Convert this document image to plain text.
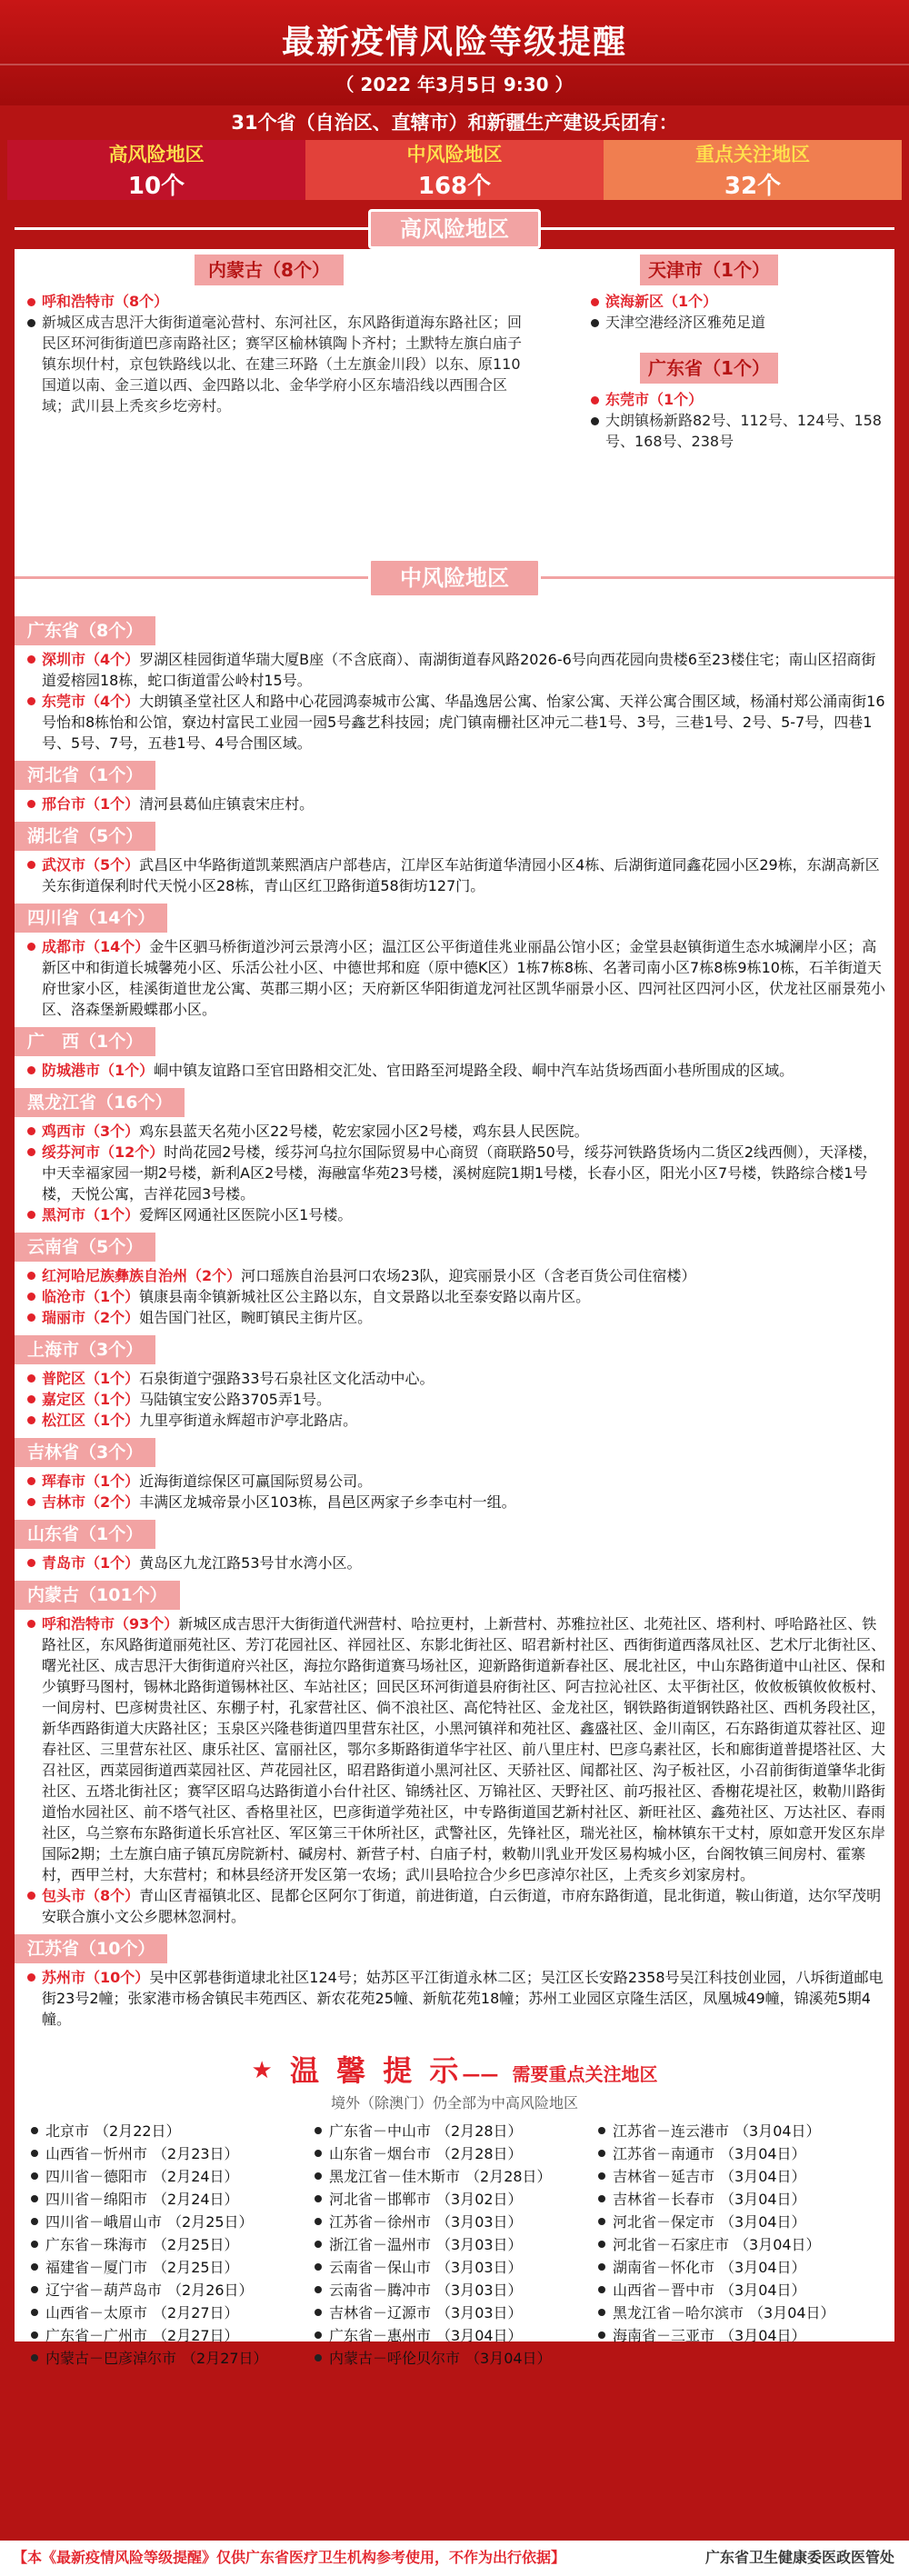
最新疫情风险等级提醒
（ 2022 年3月5日 9:30 ）
31个省（自治区、直辖市）和新疆生产建设兵团有：
高风险地区
10个
中风险地区
168个
重点关注地区
32个
高风险地区
内蒙古（8个）
呼和浩特市（8个）
新城区成吉思汗大街街道毫沁营村、东河社区，东风路街道海东路社区；回民区环河街街道巴彦南路社区；赛罕区榆林镇陶卜齐村；土默特左旗白庙子镇东坝什村，京包铁路线以北、在建三环路（土左旗金川段）以东、原110国道以南、金三道以西、金四路以北、金华学府小区东墙沿线以西围合区域；武川县上秃亥乡圪旁村。
天津市（1个）
滨海新区（1个）
天津空港经济区雅苑足道
广东省（1个）
东莞市（1个）
大朗镇杨新路82号、112号、124号、158号、168号、238号
中风险地区
广东省（8个）
深圳市（4个）罗湖区桂园街道华瑞大厦B座（不含底商）、南湖街道春风路2026-6号向西花园向贵楼6至23楼住宅；南山区招商街道爱榕园18栋，蛇口街道雷公岭村15号。
东莞市（4个）大朗镇圣堂社区人和路中心花园鸿泰城市公寓、华晶逸居公寓、怡家公寓、天祥公寓合围区域，杨涌村郑公涌南街16号怡和8栋怡和公馆，寮边村富民工业园一园5号鑫艺科技园；虎门镇南栅社区冲元二巷1号、3号，三巷1号、2号、5-7号，四巷1号、5号、7号，五巷1号、4号合围区域。
河北省（1个）
邢台市（1个）清河县葛仙庄镇袁宋庄村。
湖北省（5个）
武汉市（5个）武昌区中华路街道凯莱熙酒店户部巷店，江岸区车站街道华清园小区4栋、后湖街道同鑫花园小区29栋，东湖高新区关东街道保利时代天悦小区28栋，青山区红卫路街道58街坊127门。
四川省（14个）
成都市（14个）金牛区驷马桥街道沙河云景湾小区；温江区公平街道佳兆业丽晶公馆小区；金堂县赵镇街道生态水城澜岸小区；高新区中和街道长城馨苑小区、乐活公社小区、中德世邦和庭（原中德K区）1栋7栋8栋、名著司南小区7栋8栋9栋10栋，石羊街道天府世家小区，桂溪街道世龙公寓、英郡三期小区；天府新区华阳街道龙河社区凯华丽景小区、四河社区四河小区，伏龙社区丽景苑小区、洛森堡新殿蝶郡小区。
广　西（1个）
防城港市（1个）峒中镇友谊路口至官田路相交汇处、官田路至河堤路全段、峒中汽车站货场西面小巷所围成的区域。
黑龙江省（16个）
鸡西市（3个）鸡东县蓝天名苑小区22号楼，乾宏家园小区2号楼，鸡东县人民医院。
绥芬河市（12个）时尚花园2号楼，绥芬河乌拉尔国际贸易中心商贸（商联路50号，绥芬河铁路货场内二货区2线西侧），天泽楼，中天幸福家园一期2号楼，新利A区2号楼，海融富华苑23号楼，溪树庭院1期1号楼，长春小区，阳光小区7号楼，铁路综合楼1号楼，天悦公寓，吉祥花园3号楼。
黑河市（1个）爱辉区网通社区医院小区1号楼。
云南省（5个）
红河哈尼族彝族自治州（2个）河口瑶族自治县河口农场23队，迎宾丽景小区（含老百货公司住宿楼）
临沧市（1个）镇康县南伞镇新城社区公主路以东，自文景路以北至泰安路以南片区。
瑞丽市（2个）姐告国门社区，畹町镇民主街片区。
上海市（3个）
普陀区（1个）石泉街道宁强路33号石泉社区文化活动中心。
嘉定区（1个）马陆镇宝安公路3705弄1号。
松江区（1个）九里亭街道永辉超市沪亭北路店。
吉林省（3个）
珲春市（1个）近海街道综保区可赢国际贸易公司。
吉林市（2个）丰满区龙城帝景小区103栋，昌邑区两家子乡李屯村一组。
山东省（1个）
青岛市（1个）黄岛区九龙江路53号甘水湾小区。
内蒙古（101个）
呼和浩特市（93个）新城区成吉思汗大街街道代洲营村、哈拉更村，上新营村、苏雅拉社区、北苑社区、塔利村、呼哈路社区、铁路社区，东风路街道丽苑社区、芳汀花园社区、祥园社区、东影北街社区、昭君新村社区、西街街道西落凤社区、艺术厅北街社区、曙光社区、成吉思汗大街街道府兴社区，海拉尔路街道赛马场社区，迎新路街道新春社区、展北社区，中山东路街道中山社区、保和少镇野马图村，锡林北路街道锡林社区、车站社区；回民区环河街道县府街社区、阿吉拉沁社区、太平街社区，攸攸板镇攸攸板村、一间房村、巴彦树贵社区、东棚子村，孔家营社区、倘不浪社区、高佗特社区、金龙社区，钢铁路街道钢铁路社区、西机务段社区，新华西路街道大庆路社区；玉泉区兴隆巷街道四里营东社区，小黑河镇祥和苑社区、鑫盛社区、金川南区，石东路街道苁蓉社区、迎春社区、三里营东社区、康乐社区、富丽社区，鄂尔多斯路街道华宇社区、前八里庄村、巴彦乌素社区，长和廊街道普提塔社区、大召社区，西菜园街道西菜园社区、芦花园社区，昭君路街道小黑河社区、天骄社区、闻都社区、沟子板社区，小召前街街道肇华北街社区、五塔北街社区；赛罕区昭乌达路街道小台什社区、锦绣社区、万锦社区、天野社区、前巧报社区、香榭花堤社区，敕勒川路街道怡水园社区、前不塔气社区、香格里社区，巴彦街道学苑社区，中专路街道国艺新村社区、新旺社区、鑫苑社区、万达社区、春雨社区，乌兰察布东路街道长乐宫社区、军区第三干休所社区，武警社区，先锋社区，瑞光社区，榆林镇东干丈村，原如意开发区东岸国际2期；土左旗白庙子镇瓦房院新村、碱房村、新营子村、白庙子村，敕勒川乳业开发区易构城小区，台阁牧镇三间房村、霍寨村，西甲兰村，大东营村；和林县经济开发区第一农场；武川县哈拉合少乡巴彦淖尔社区，上秃亥乡刘家房村。
包头市（8个）青山区青福镇北区、昆都仑区阿尔丁街道，前进街道，白云街道，市府东路街道，昆北街道，鞍山街道，达尔罕茂明安联合旗小文公乡腮林忽洞村。
江苏省（10个）
苏州市（10个）吴中区郭巷街道埭北社区124号；姑苏区平江街道永林二区；吴江区长安路2358号吴江科技创业园，八坼街道邮电街23号2幢；张家港市杨舍镇民丰苑西区、新农花苑25幢、新航花苑18幢；苏州工业园区京隆生活区，凤凰城49幢，锦溪苑5期4幢。
★ 温 馨 提 示—— 需要重点关注地区
境外（除澳门）仍全部为中高风险地区
北京市 （2月22日）
山西省－忻州市 （2月23日）
四川省－德阳市 （2月24日）
四川省－绵阳市 （2月24日）
四川省－峨眉山市 （2月25日）
广东省－珠海市 （2月25日）
福建省－厦门市 （2月25日）
辽宁省－葫芦岛市 （2月26日）
山西省－太原市 （2月27日）
广东省－广州市 （2月27日）
内蒙古－巴彦淖尔市 （2月27日）
广东省－中山市 （2月28日）
山东省－烟台市 （2月28日）
黑龙江省－佳木斯市 （2月28日）
河北省－邯郸市 （3月02日）
江苏省－徐州市 （3月03日）
浙江省－温州市 （3月03日）
云南省－保山市 （3月03日）
云南省－腾冲市 （3月03日）
吉林省－辽源市 （3月03日）
广东省－惠州市 （3月04日）
内蒙古－呼伦贝尔市 （3月04日）
江苏省－连云港市 （3月04日）
江苏省－南通市 （3月04日）
吉林省－延吉市 （3月04日）
吉林省－长春市 （3月04日）
河北省－保定市 （3月04日）
河北省－石家庄市 （3月04日）
湖南省－怀化市 （3月04日）
山西省－晋中市 （3月04日）
黑龙江省－哈尔滨市 （3月04日）
海南省－三亚市 （3月04日）
【本《最新疫情风险等级提醒》仅供广东省医疗卫生机构参考使用，不作为出行依据】	广东省卫生健康委医政医管处
